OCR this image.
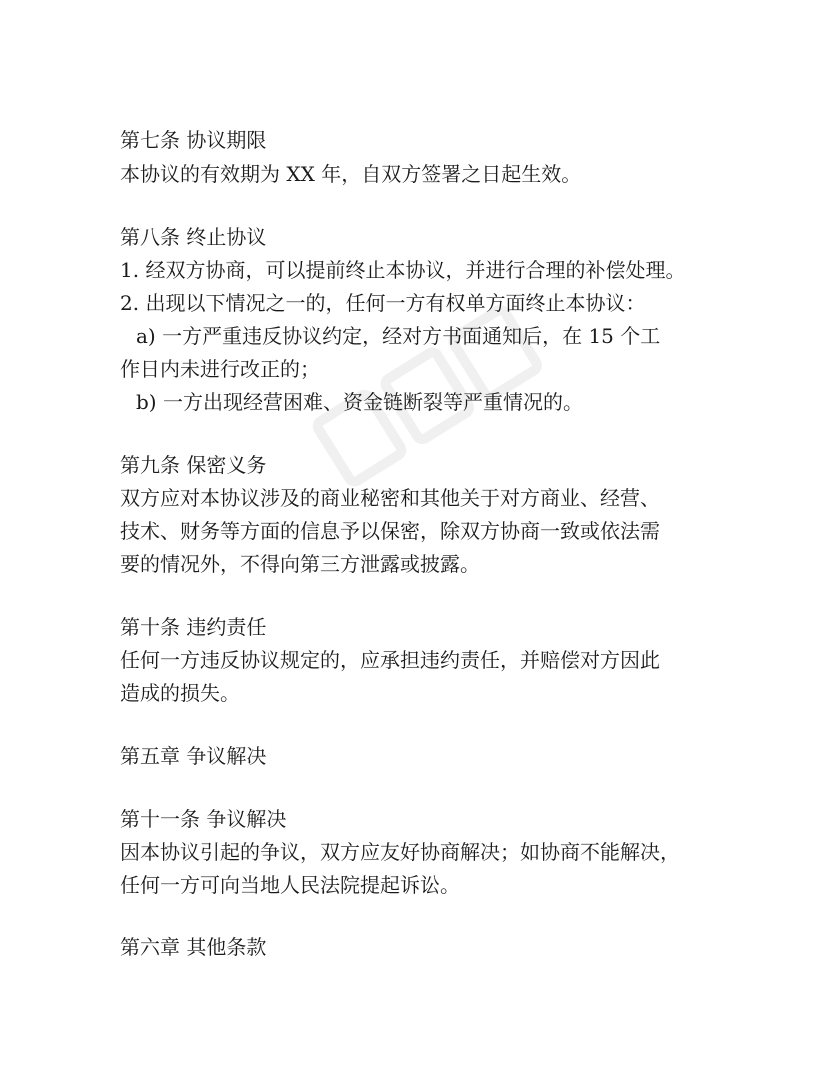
第七条 协议期限
本协议的有效期为 XX 年，自双方签署之日起生效。
第八条 终止协议
1. 经双方协商，可以提前终止本协议，并进行合理的补偿处理。
2. 出现以下情况之一的，任何一方有权单方面终止本协议：
a) 一方严重违反协议约定，经对方书面通知后，在 15 个工
作日内未进行改正的；
b) 一方出现经营困难、资金链断裂等严重情况的。
第九条 保密义务
双方应对本协议涉及的商业秘密和其他关于对方商业、经营、
技术、财务等方面的信息予以保密，除双方协商一致或依法需
要的情况外，不得向第三方泄露或披露。
第十条 违约责任
任何一方违反协议规定的，应承担违约责任，并赔偿对方因此
造成的损失。
第五章 争议解决
第十一条 争议解决
因本协议引起的争议，双方应友好协商解决；如协商不能解决，
任何一方可向当地人民法院提起诉讼。
第六章 其他条款
